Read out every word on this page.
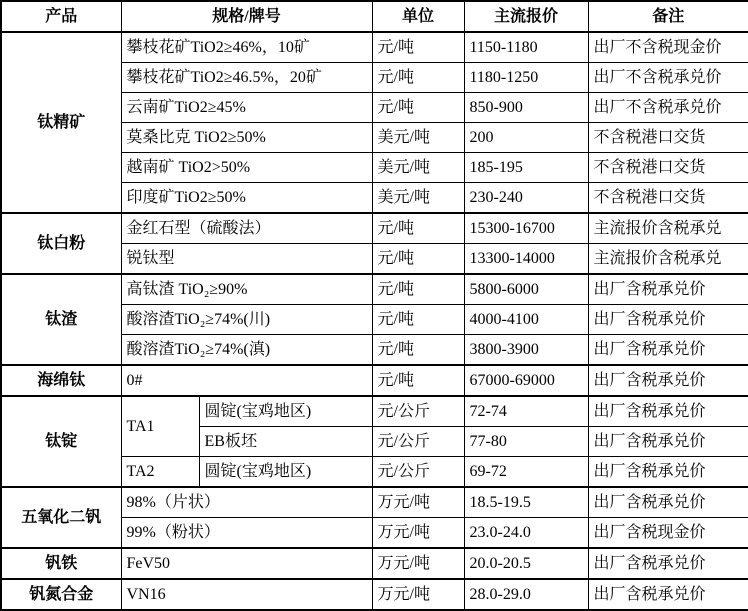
产品	规格/牌号		单位	主流报价	备注
钛精矿	攀枝花矿TiO2≥46%，10矿		元/吨	1150-1180	出厂不含税现金价
	攀枝花矿TiO2≥46.5%，20矿		元/吨	1180-1250	出厂不含税承兑价
	云南矿TiO2≥45%		元/吨	850-900	出厂不含税承兑价
	莫桑比克 TiO2≥50%		美元/吨	200	不含税港口交货
	越南矿 TiO2>50%		美元/吨	185-195	不含税港口交货
	印度矿TiO2≥50%		美元/吨	230-240	不含税港口交货
钛白粉	金红石型（硫酸法）		元/吨	15300-16700	主流报价含税承兑
	锐钛型		元/吨	13300-14000	主流报价含税承兑
钛渣	高钛渣 TiO₂≥90%		元/吨	5800-6000	出厂含税承兑价
	酸溶渣TiO₂≥74%(川)		元/吨	4000-4100	出厂含税承兑价
	酸溶渣TiO₂≥74%(滇)		元/吨	3800-3900	出厂含税承兑价
海绵钛	0#		元/吨	67000-69000	出厂含税承兑价
钛锭	TA1	圆锭(宝鸡地区)	元/公斤	72-74	出厂含税承兑价
		EB板坯	元/公斤	77-80	出厂含税承兑价
	TA2	圆锭(宝鸡地区)	元/公斤	69-72	出厂含税承兑价
五氧化二钒	98%（片状）		万元/吨	18.5-19.5	出厂含税承兑价
	99%（粉状）		万元/吨	23.0-24.0	出厂含税现金价
钒铁	FeV50		万元/吨	20.0-20.5	出厂含税承兑价
钒氮合金	VN16		万元/吨	28.0-29.0	出厂含税承兑价
